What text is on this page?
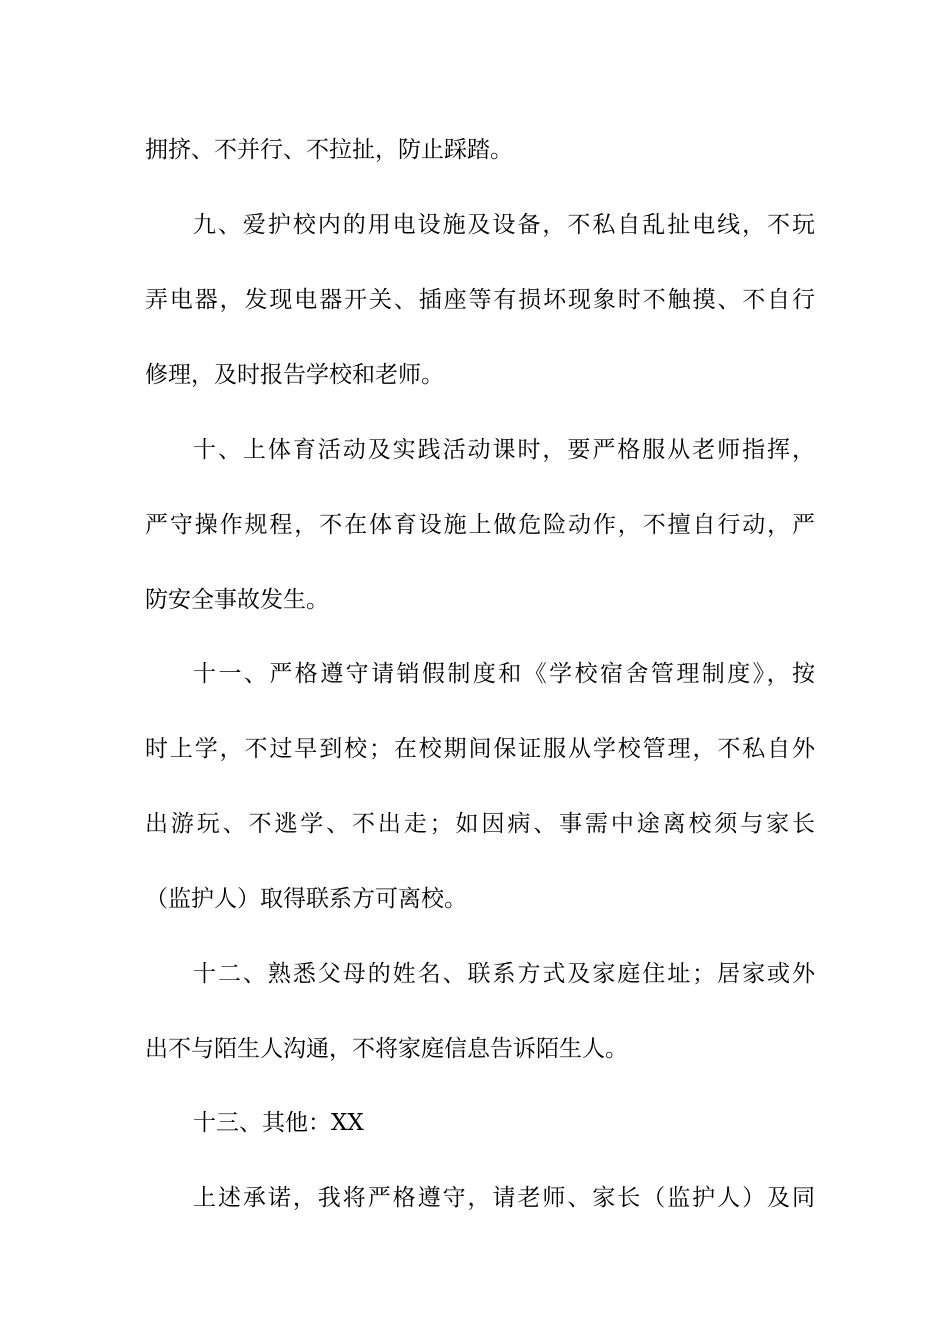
拥挤、不并行、不拉扯，防止踩踏。
九、爱护校内的用电设施及设备，不私自乱扯电线，不玩
弄电器，发现电器开关、插座等有损坏现象时不触摸、不自行
修理，及时报告学校和老师。
十、上体育活动及实践活动课时，要严格服从老师指挥，
严守操作规程，不在体育设施上做危险动作，不擅自行动，严
防安全事故发生。
十一、严格遵守请销假制度和《学校宿舍管理制度》，按
时上学，不过早到校；在校期间保证服从学校管理，不私自外
出游玩、不逃学、不出走；如因病、事需中途离校须与家长
（监护人）取得联系方可离校。
十二、熟悉父母的姓名、联系方式及家庭住址；居家或外
出不与陌生人沟通，不将家庭信息告诉陌生人。
十三、其他：XX
上述承诺，我将严格遵守，请老师、家长（监护人）及同
